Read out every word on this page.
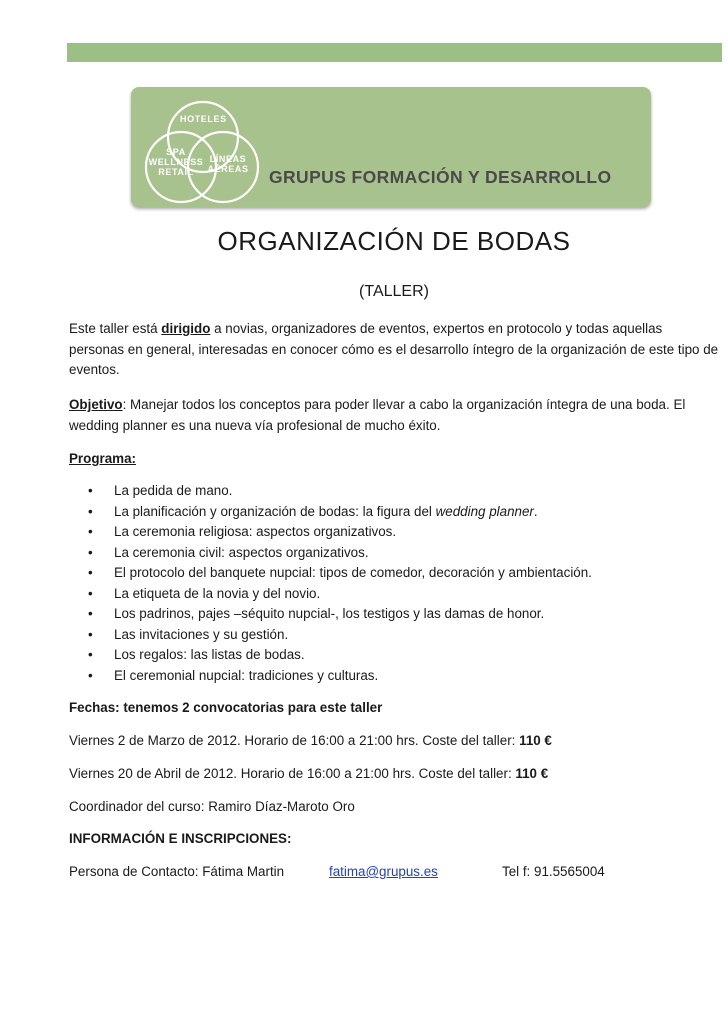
HOTELES
SPA
WELLNESS
RETAIL
LÍNEAS
AÉREAS GRUPUS FORMACIÓN Y DESARROLLO
ORGANIZACIÓN DE BODAS
(TALLER)
Este taller está dirigido a novias, organizadores de eventos, expertos en protocolo y todas aquellas personas en general, interesadas en conocer cómo es el desarrollo íntegro de la organización de este tipo de eventos.
Objetivo: Manejar todos los conceptos para poder llevar a cabo la organización íntegra de una boda. El wedding planner es una nueva vía profesional de mucho éxito.
Programa:
• La pedida de mano.
• La planificación y organización de bodas: la figura del wedding planner.
• La ceremonia religiosa: aspectos organizativos.
• La ceremonia civil: aspectos organizativos.
• El protocolo del banquete nupcial: tipos de comedor, decoración y ambientación.
• La etiqueta de la novia y del novio.
• Los padrinos, pajes –séquito nupcial-, los testigos y las damas de honor.
• Las invitaciones y su gestión.
• Los regalos: las listas de bodas.
• El ceremonial nupcial: tradiciones y culturas.
Fechas: tenemos 2 convocatorias para este taller
Viernes 2 de Marzo de 2012. Horario de 16:00 a 21:00 hrs. Coste del taller: 110 €
Viernes 20 de Abril de 2012. Horario de 16:00 a 21:00 hrs. Coste del taller: 110 €
Coordinador del curso: Ramiro Díaz-Maroto Oro
INFORMACIÓN E INSCRIPCIONES:
Persona de Contacto: Fátima Martin	fatima@grupus.es	Tel f: 91.5565004
